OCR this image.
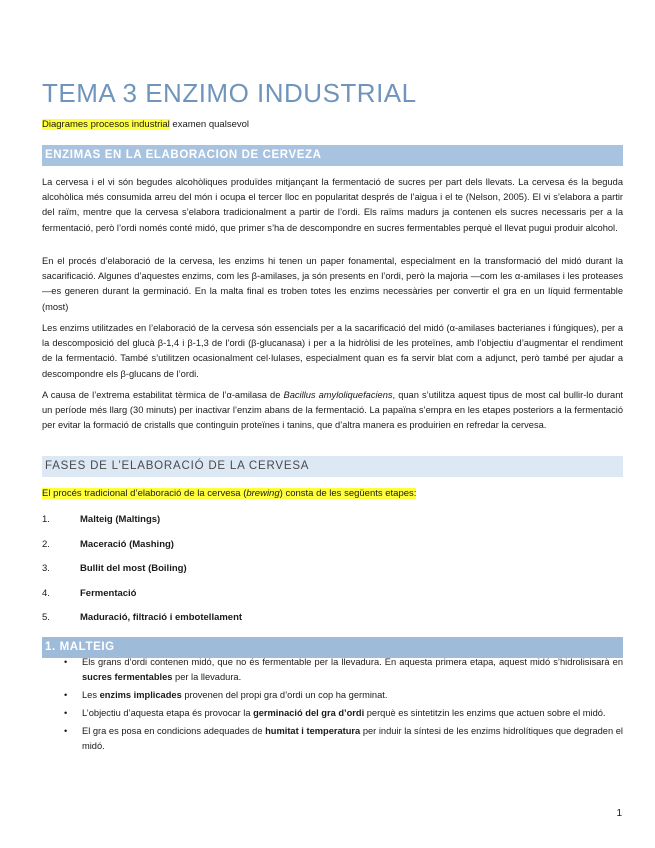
TEMA 3 ENZIMO INDUSTRIAL
Diagrames procesos industrial examen qualsevol
ENZIMAS EN LA ELABORACION DE CERVEZA

La cervesa i el vi són begudes alcohòliques produïdes mitjançant la fermentació de sucres per part dels llevats. La cervesa és la beguda alcohòlica més consumida arreu del món i ocupa el tercer lloc en popularitat després de l’aigua i el te (Nelson, 2005). El vi s’elabora a partir del raïm, mentre que la cervesa s’elabora tradicionalment a partir de l’ordi. Els raïms madurs ja contenen els sucres necessaris per a la fermentació, però l’ordi només conté midó, que primer s’ha de descompondre en sucres fermentables perquè el llevat pugui produir alcohol.

En el procés d’elaboració de la cervesa, les enzims hi tenen un paper fonamental, especialment en la transformació del midó durant la sacarificació. Algunes d’aquestes enzims, com les β-amilases, ja són presents en l’ordi, però la majoria —com les α-amilases i les proteases—es generen durant la germinació. En la malta final es troben totes les enzims necessàries per convertir el gra en un líquid fermentable (most)

Les enzims utilitzades en l’elaboració de la cervesa són essencials per a la sacarificació del midó (α-amilases bacterianes i fúngiques), per a la descomposició del glucà β-1,4 i β-1,3 de l’ordi (β-glucanasa) i per a la hidròlisi de les proteïnes, amb l’objectiu d’augmentar el rendiment de la fermentació. També s’utilitzen ocasionalment cel·lulases, especialment quan es fa servir blat com a adjunct, però també per ajudar a descompondre els β-glucans de l’ordi.

A causa de l’extrema estabilitat tèrmica de l’α-amilasa de Bacillus amyloliquefaciens, quan s’utilitza aquest tipus de most cal bullir-lo durant un període més llarg (30 minuts) per inactivar l’enzim abans de la fermentació. La papaïna s’empra en les etapes posteriors a la fermentació per evitar la formació de cristalls que continguin proteïnes i tanins, que d’altra manera es produirien en refredar la cervesa.

FASES DE L’ELABORACIÓ DE LA CERVESA
El procés tradicional d’elaboració de la cervesa (brewing) consta de les següents etapes:
1.	Malteig (Maltings)
2.	Maceració (Mashing)
3.	Bullit del most (Boiling)
4.	Fermentació
5.	Maduració, filtració i embotellament
1. MALTEIG
• Els grans d’ordi contenen midó, que no és fermentable per la llevadura. En aquesta primera etapa, aquest midó s’hidrolisisarà en sucres fermentables per la llevadura.
• Les enzims implicades provenen del propi gra d’ordi un cop ha germinat.
• L’objectiu d’aquesta etapa és provocar la germinació del gra d’ordi perquè es sintetitzin les enzims que actuen sobre el midó.
• El gra es posa en condicions adequades de humitat i temperatura per induir la síntesi de les enzims hidrolítiques que degraden el midó.
1
